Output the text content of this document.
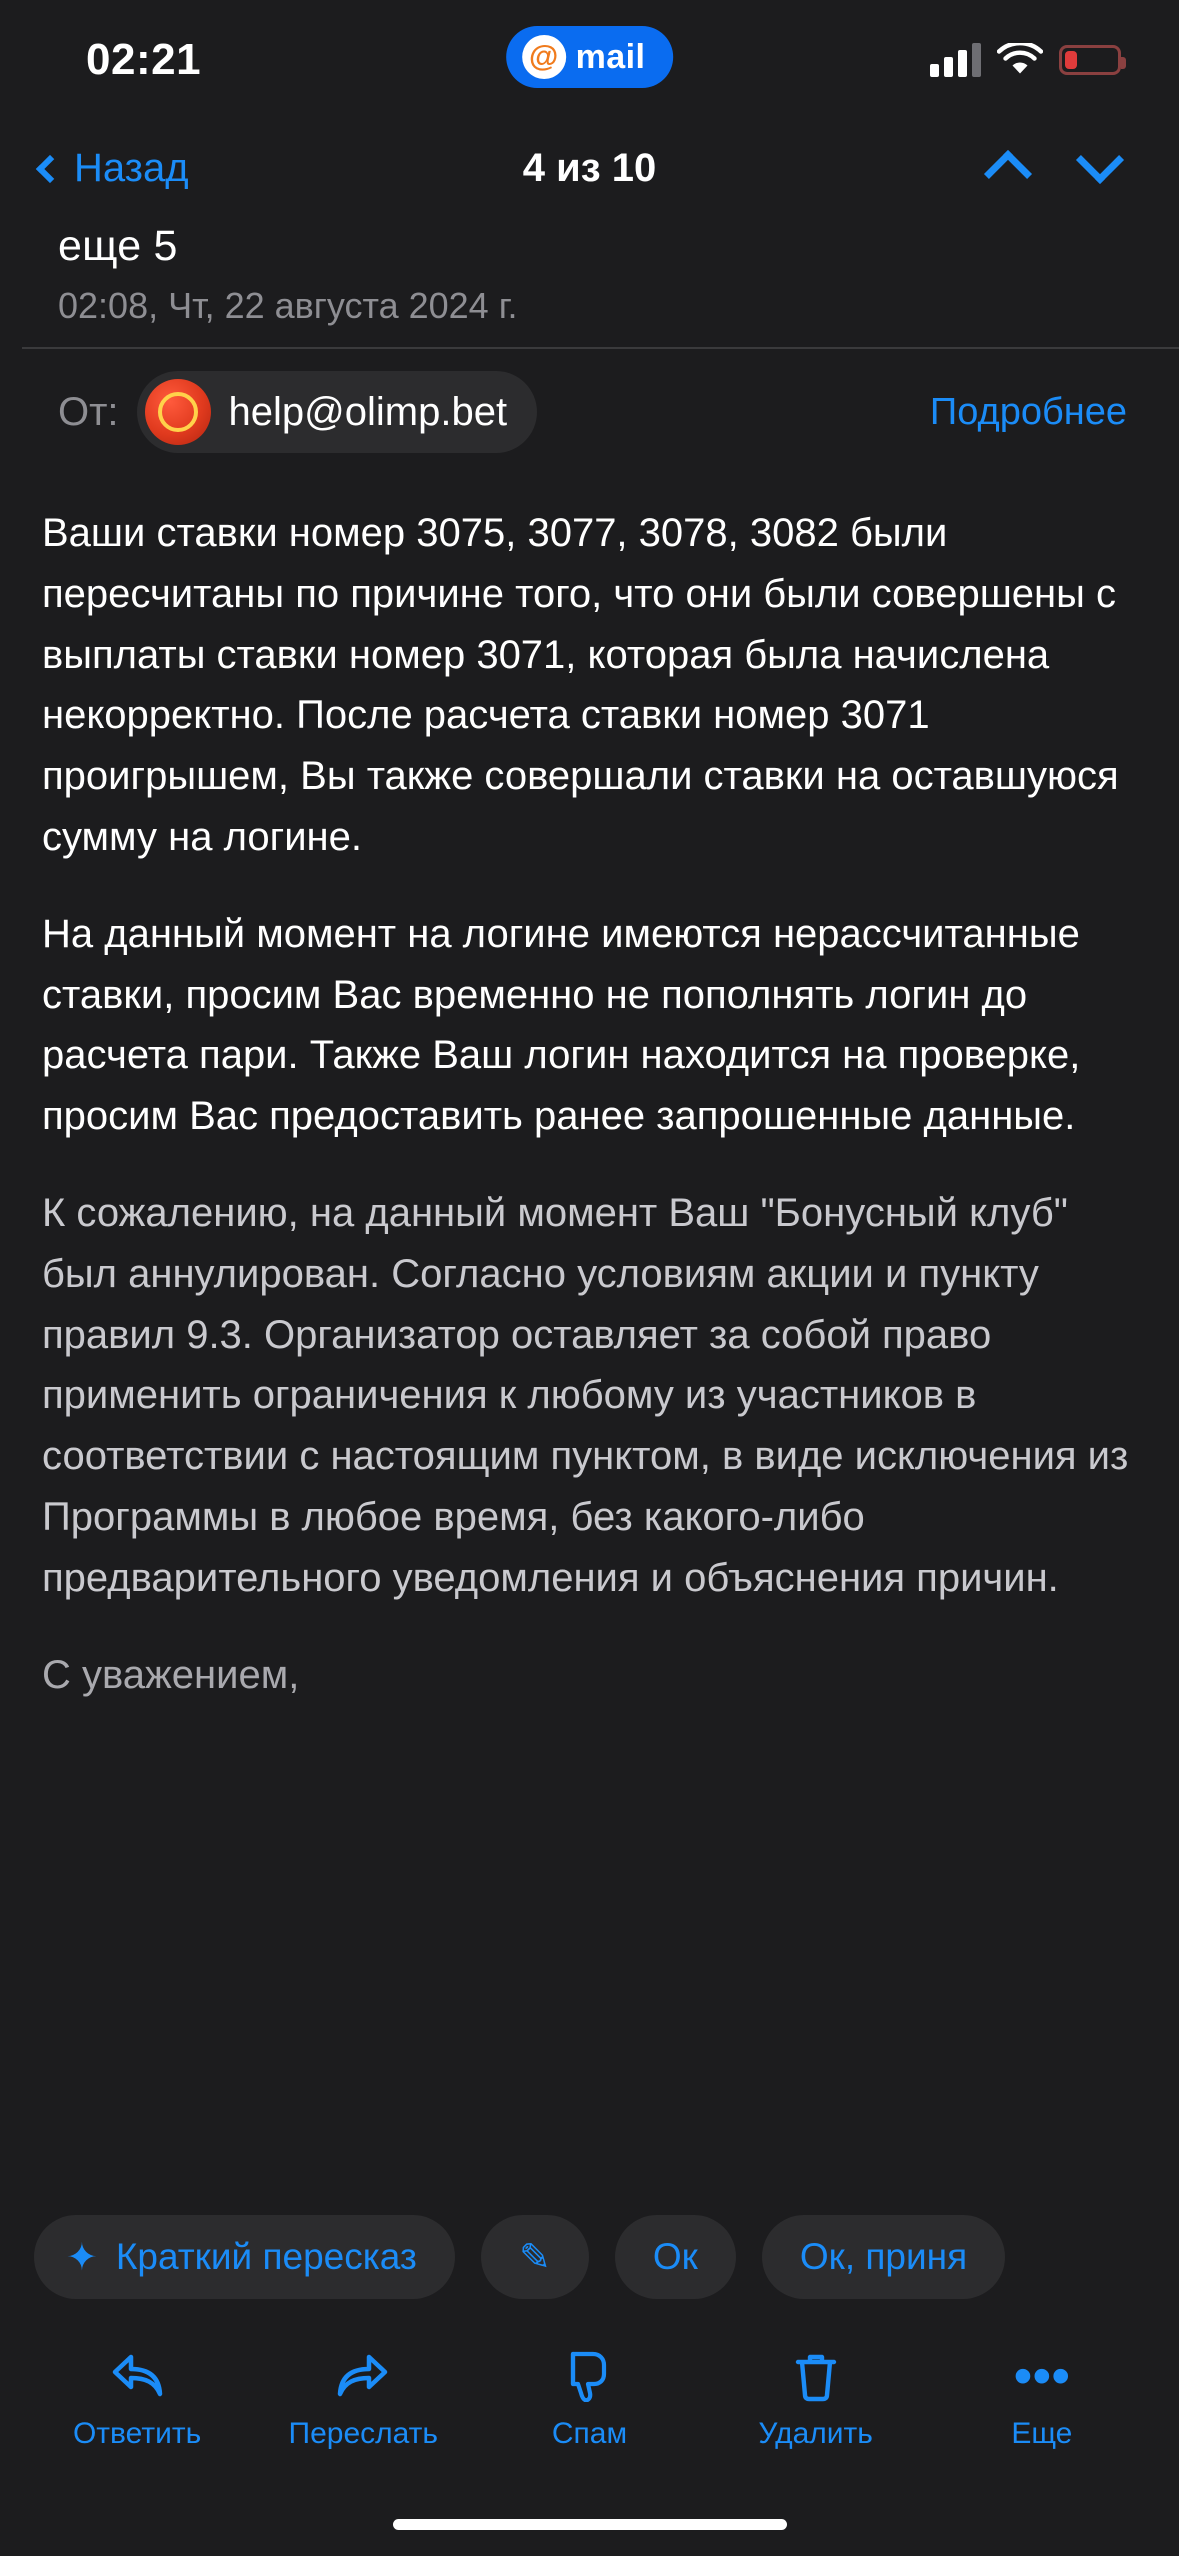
02:21	@ mail
Назад	4 из 10
еще 5
02:08, Чт, 22 августа 2024 г.
От:	help@olimp.bet	Подробнее

Ваши ставки номер 3075, 3077, 3078, 3082 были пересчитаны по причине того, что они были совершены с выплаты ставки номер 3071, которая была начислена некорректно. После расчета ставки номер 3071 проигрышем, Вы также совершали ставки на оставшуюся сумму на логине.

На данный момент на логине имеются нерассчитанные ставки, просим Вас временно не пополнять логин до расчета пари. Также Ваш логин находится на проверке, просим Вас предоставить ранее запрошенные данные.

К сожалению, на данный момент Ваш "Бонусный клуб" был аннулирован. Согласно условиям акции и пункту правил 9.3. Организатор оставляет за собой право применить ограничения к любому из участников в соответствии с настоящим пунктом, в виде исключения из Программы в любое время, без какого-либо предварительного уведомления и объяснения причин.

С уважением,

✦ Краткий пересказ	✎	Ок	Ок, приня
Ответить	Переслать	Спам	Удалить
•••
Еще
